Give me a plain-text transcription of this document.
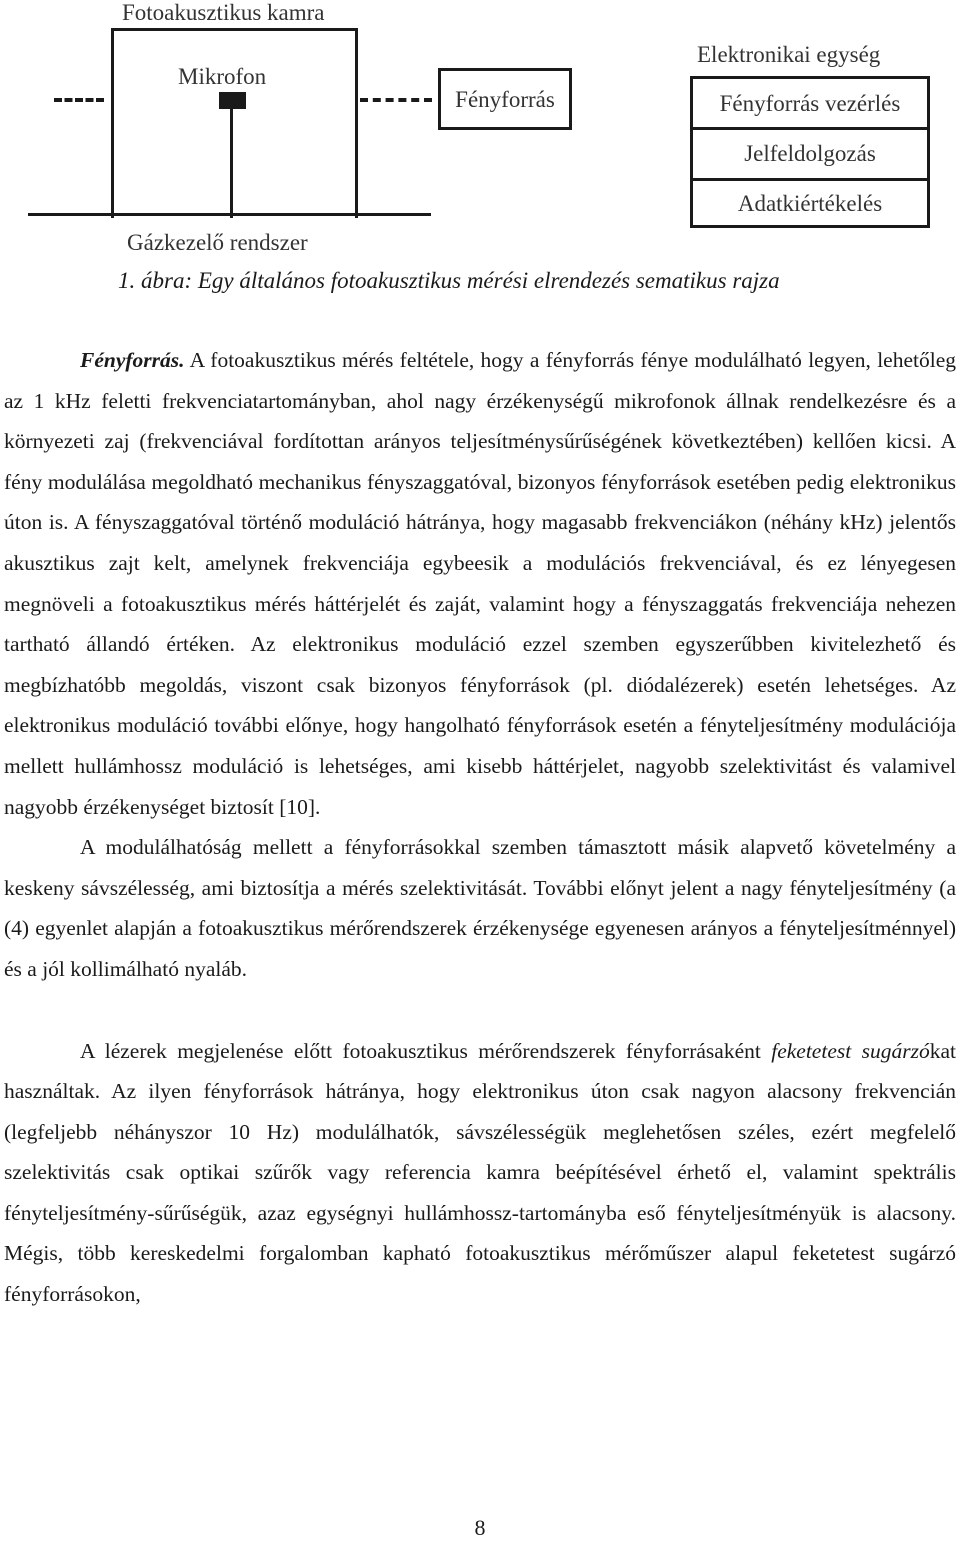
Fotoakusztikus kamra
Mikrofon
Fényforrás
Elektronikai egység
Fényforrás vezérlés
Jelfeldolgozás
Adatkiértékelés
Gázkezelő rendszer
1. ábra: Egy általános fotoakusztikus mérési elrendezés sematikus rajza

Fényforrás. A fotoakusztikus mérés feltétele, hogy a fényforrás fénye modulálható legyen, lehetőleg az 1 kHz feletti frekvenciatartományban, ahol nagy érzékenységű mikrofonok állnak rendelkezésre és a környezeti zaj (frekvenciával fordítottan arányos teljesítménysűrűségének következtében) kellően kicsi. A fény modulálása megoldható mechanikus fényszaggatóval, bizonyos fényforrások esetében pedig elektronikus úton is. A fényszaggatóval történő moduláció hátránya, hogy magasabb frekvenciákon (néhány kHz) jelentős akusztikus zajt kelt, amelynek frekvenciája egybeesik a modulációs frekvenciával, és ez lényegesen megnöveli a fotoakusztikus mérés háttérjelét és zaját, valamint hogy a fényszaggatás frekvenciája nehezen tartható állandó értéken. Az elektronikus moduláció ezzel szemben egyszerűbben kivitelezhető és megbízhatóbb megoldás, viszont csak bizonyos fényforrások (pl. diódalézerek) esetén lehetséges. Az elektronikus moduláció további előnye, hogy hangolható fényforrások esetén a fényteljesítmény modulációja mellett hullámhossz moduláció is lehetséges, ami kisebb háttérjelet, nagyobb szelektivitást és valamivel nagyobb érzékenységet biztosít [10].

A modulálhatóság mellett a fényforrásokkal szemben támasztott másik alapvető követelmény a keskeny sávszélesség, ami biztosítja a mérés szelektivitását. További előnyt jelent a nagy fényteljesítmény (a (4) egyenlet alapján a fotoakusztikus mérőrendszerek érzékenysége egyenesen arányos a fényteljesítménnyel) és a jól kollimálható nyaláb.

A lézerek megjelenése előtt fotoakusztikus mérőrendszerek fényforrásaként feketetest sugárzókat használtak. Az ilyen fényforrások hátránya, hogy elektronikus úton csak nagyon alacsony frekvencián (legfeljebb néhányszor 10 Hz) modulálhatók, sávszélességük meglehetősen széles, ezért megfelelő szelektivitás csak optikai szűrők vagy referencia kamra beépítésével érhető el, valamint spektrális fényteljesítmény-sűrűségük, azaz egységnyi hullámhossz-tartományba eső fényteljesítményük is alacsony. Mégis, több kereskedelmi forgalomban kapható fotoakusztikus mérőműszer alapul feketetest sugárzó fényforrásokon,

8
